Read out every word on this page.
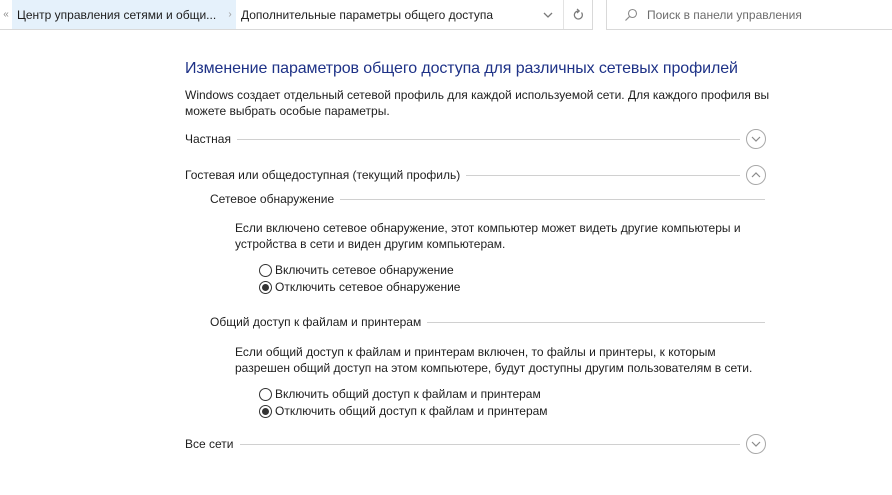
« Центр управления сетями и общи...	› Дополнительные параметры общего доступа	Поиск в панели управления
Изменение параметров общего доступа для различных сетевых профилей

Windows создает отдельный сетевой профиль для каждой используемой сети. Для каждого профиля вы можете выбрать особые параметры.

Частная
Гостевая или общедоступная (текущий профиль)
Сетевое обнаружение

Если включено сетевое обнаружение, этот компьютер может видеть другие компьютеры и устройства в сети и виден другим компьютерам.

Включить сетевое обнаружение
Отключить сетевое обнаружение
Общий доступ к файлам и принтерам

Если общий доступ к файлам и принтерам включен, то файлы и принтеры, к которым разрешен общий доступ на этом компьютере, будут доступны другим пользователям в сети.

Включить общий доступ к файлам и принтерам
Отключить общий доступ к файлам и принтерам
Все сети
